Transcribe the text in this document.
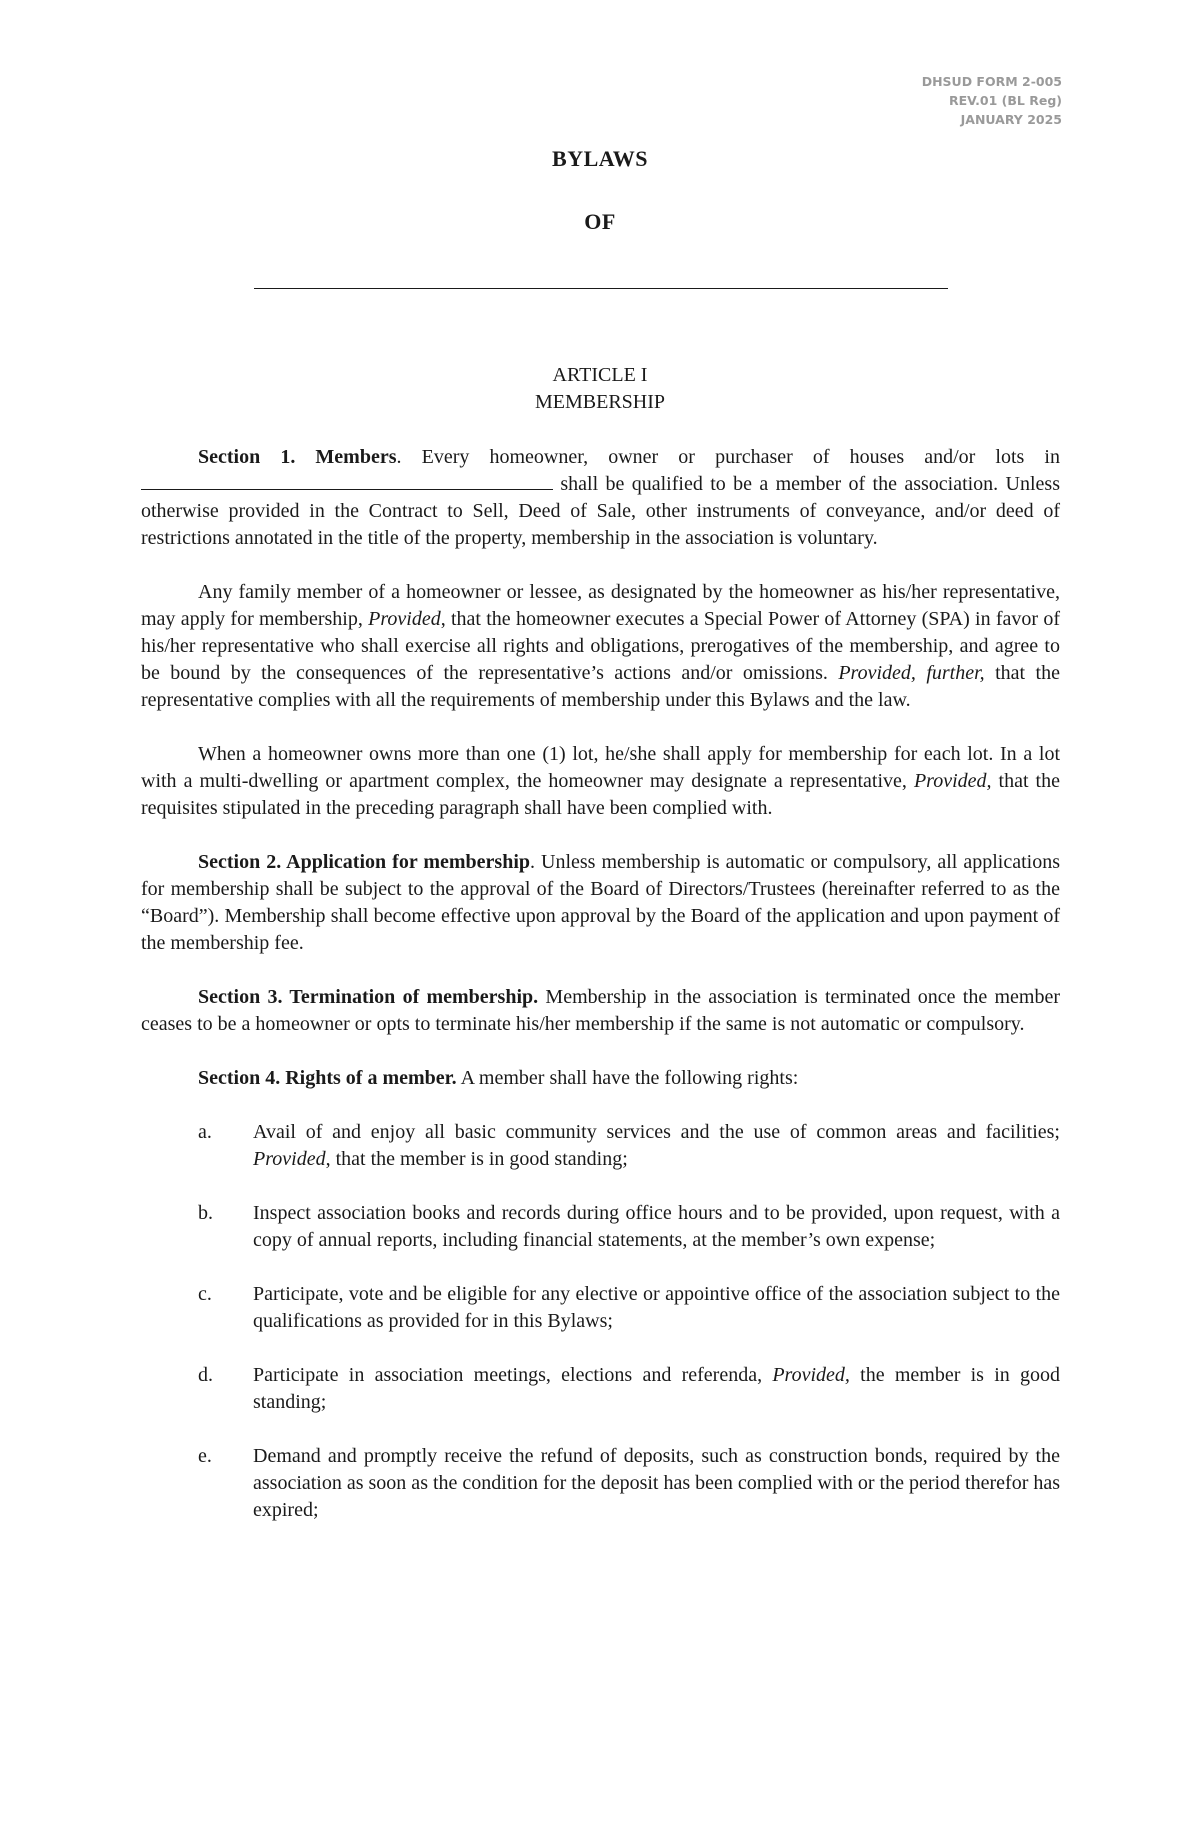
DHSUD FORM 2-005
REV.01 (BL Reg)
JANUARY 2025
BYLAWS
OF
ARTICLE I
MEMBERSHIP

Section 1. Members. Every homeowner, owner or purchaser of houses and/or lots in  shall be qualified to be a member of the association. Unless otherwise provided in the Contract to Sell, Deed of Sale, other instruments of conveyance, and/or deed of restrictions annotated in the title of the property, membership in the association is voluntary.

Any family member of a homeowner or lessee, as designated by the homeowner as his/her representative, may apply for membership, Provided, that the homeowner executes a Special Power of Attorney (SPA) in favor of his/her representative who shall exercise all rights and obligations, prerogatives of the membership, and agree to be bound by the consequences of the representative’s actions and/or omissions. Provided, further, that the representative complies with all the requirements of membership under this Bylaws and the law.

When a homeowner owns more than one (1) lot, he/she shall apply for membership for each lot. In a lot with a multi-dwelling or apartment complex, the homeowner may designate a representative, Provided, that the requisites stipulated in the preceding paragraph shall have been complied with.

Section 2. Application for membership. Unless membership is automatic or compulsory, all applications for membership shall be subject to the approval of the Board of Directors/Trustees (hereinafter referred to as the “Board”). Membership shall become effective upon approval by the Board of the application and upon payment of the membership fee.

Section 3. Termination of membership. Membership in the association is terminated once the member ceases to be a homeowner or opts to terminate his/her membership if the same is not automatic or compulsory.

Section 4. Rights of a member. A member shall have the following rights:

a. Avail of and enjoy all basic community services and the use of common areas and facilities; Provided, that the member is in good standing;
b. Inspect association books and records during office hours and to be provided, upon request, with a copy of annual reports, including financial statements, at the member’s own expense;
c. Participate, vote and be eligible for any elective or appointive office of the association subject to the qualifications as provided for in this Bylaws;
d. Participate in association meetings, elections and referenda, Provided, the member is in good standing;
e. Demand and promptly receive the refund of deposits, such as construction bonds, required by the association as soon as the condition for the deposit has been complied with or the period therefor has expired;
